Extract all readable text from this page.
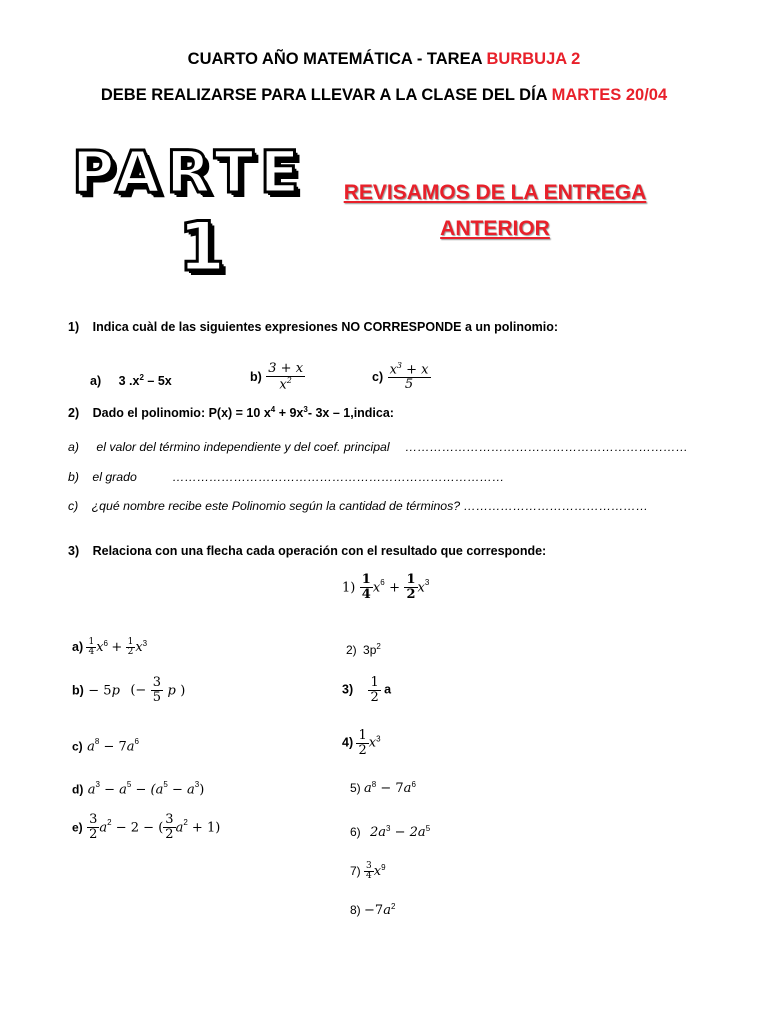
CUARTO AÑO MATEMÁTICA - TAREA BURBUJA 2
DEBE REALIZARSE PARA LLEVAR A LA CLASE DEL DÍA MARTES 20/04
PARTE
1
REVISAMOS DE LA ENTREGA
ANTERIOR
1) Indica cuàl de las siguientes expresiones NO CORRESPONDE a un polinomio:
a) 3 $.x^2 - 5x$	$b) \frac{3 + x}{x^2}$	$c) \frac{x^3 + x}{5}$
2) Dado el polinomio: P(x) = 10 $x^4 + 9x^3-$ 3x – 1,indica:
a) el valor del término independiente y del coef. principal ……………………………………………………………
b) el grado	………………………………………………………………………
c) ¿qué nombre recibe este Polinomio según la cantidad de términos? ………………………………………
3) Relaciona con una flecha cada operación con el resultado que corresponde:
$1) \frac{1}{4} x^6 + \frac{1}{2} x^3$
$a) \frac{1}{4} x^6 + \frac{1}{2} x^3$
b) − 5p (− $\frac{3}{5}$ p )
c) $a^8 - 7a^6$
d) $a^3 - a^5 - (a^5 - a^3)$
$e) \frac{3}{2} a^2 - 2$ − ( $\frac{3}{2} a^2 + 1$)
2) $3p^2$
$3) \frac{1}{2}$ a
$4) \frac{1}{2} x^3$
5) $a^8 - 7a^6$
6) $2a^3 - 2a^5$
$7) \frac{3}{4} x^9$
$8) -7a^2$
